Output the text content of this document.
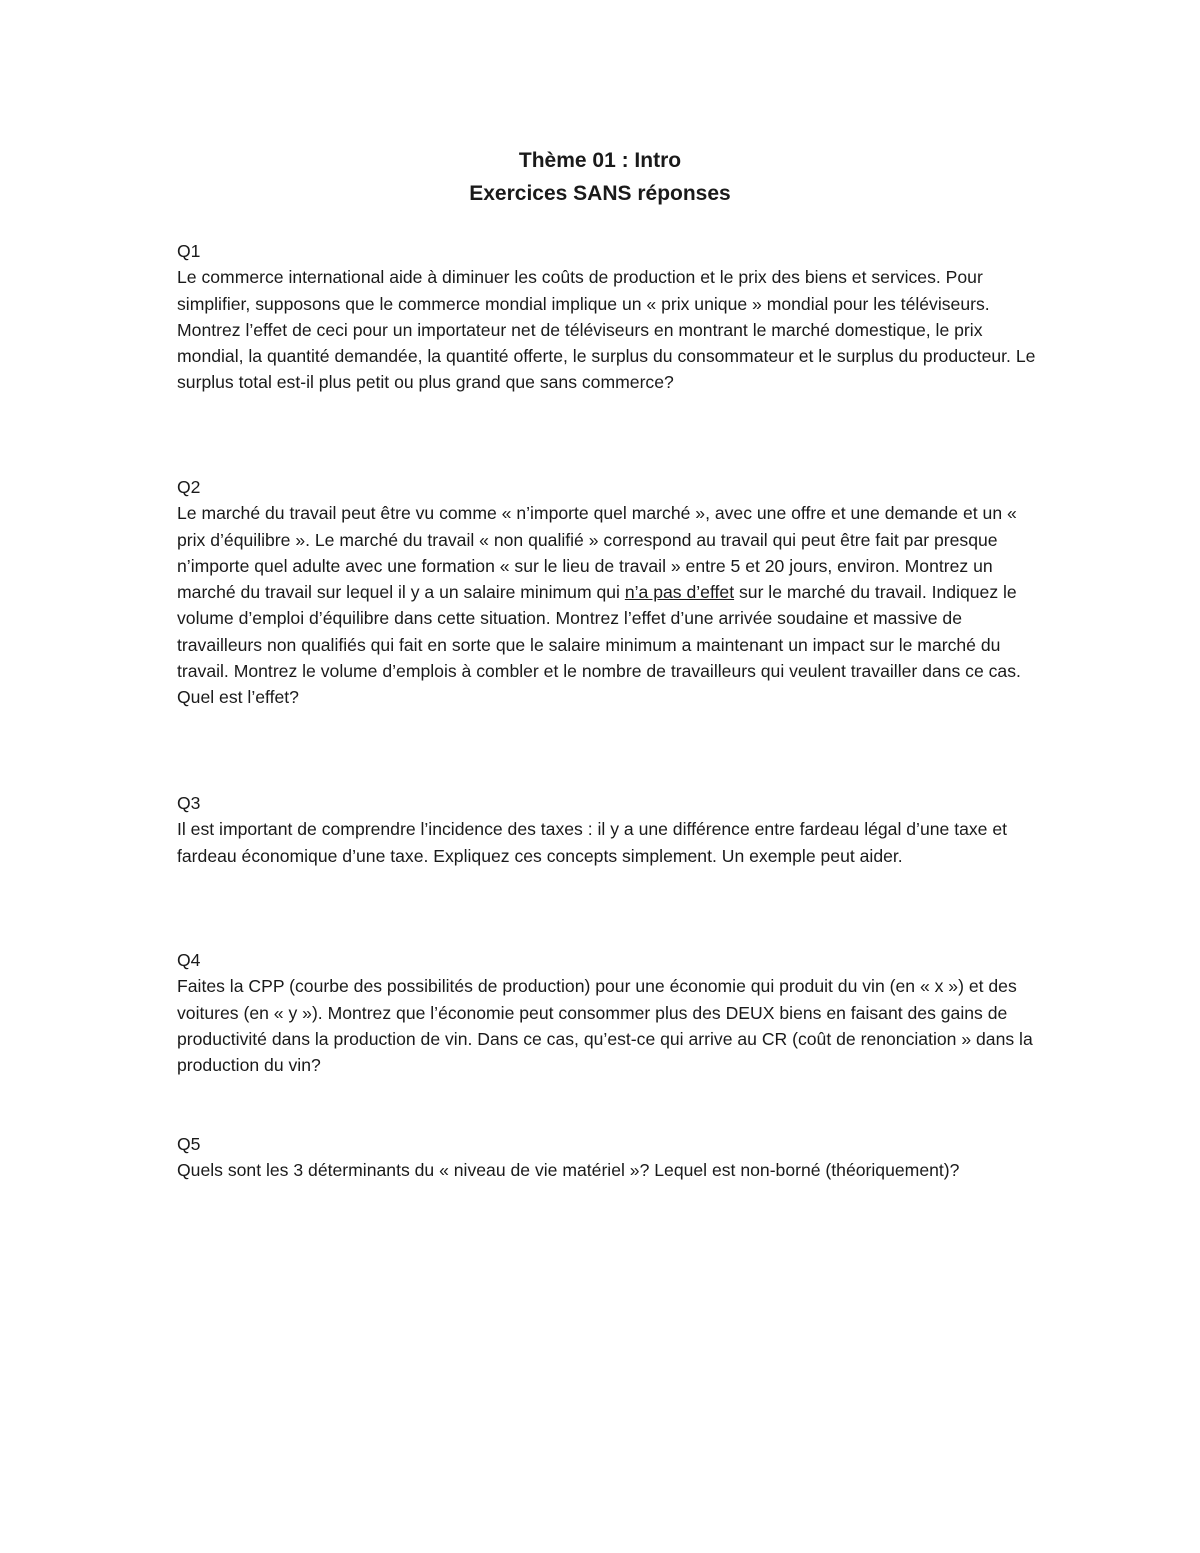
Thème 01 : Intro
Exercices SANS réponses
Q1
Le commerce international aide à diminuer les coûts de production et le prix des biens et services. Pour simplifier, supposons que le commerce mondial implique un « prix unique » mondial pour les téléviseurs. Montrez l’effet de ceci pour un importateur net de téléviseurs en montrant le marché domestique, le prix mondial, la quantité demandée, la quantité offerte, le surplus du consommateur et le surplus du producteur. Le surplus total est-il plus petit ou plus grand que sans commerce?
Q2
Le marché du travail peut être vu comme « n’importe quel marché », avec une offre et une demande et un « prix d’équilibre ». Le marché du travail « non qualifié » correspond au travail qui peut être fait par presque n’importe quel adulte avec une formation « sur le lieu de travail » entre 5 et 20 jours, environ. Montrez un marché du travail sur lequel il y a un salaire minimum qui n’a pas d’effet sur le marché du travail. Indiquez le volume d’emploi d’équilibre dans cette situation. Montrez l’effet d’une arrivée soudaine et massive de travailleurs non qualifiés qui fait en sorte que le salaire minimum a maintenant un impact sur le marché du travail. Montrez le volume d’emplois à combler et le nombre de travailleurs qui veulent travailler dans ce cas. Quel est l’effet?
Q3
Il est important de comprendre l’incidence des taxes : il y a une différence entre fardeau légal d’une taxe et fardeau économique d’une taxe. Expliquez ces concepts simplement. Un exemple peut aider.
Q4
Faites la CPP (courbe des possibilités de production) pour une économie qui produit du vin (en « x ») et des voitures (en « y »). Montrez que l’économie peut consommer plus des DEUX biens en faisant des gains de productivité dans la production de vin. Dans ce cas, qu’est-ce qui arrive au CR (coût de renonciation » dans la production du vin?
Q5
Quels sont les 3 déterminants du « niveau de vie matériel »? Lequel est non-borné (théoriquement)?
